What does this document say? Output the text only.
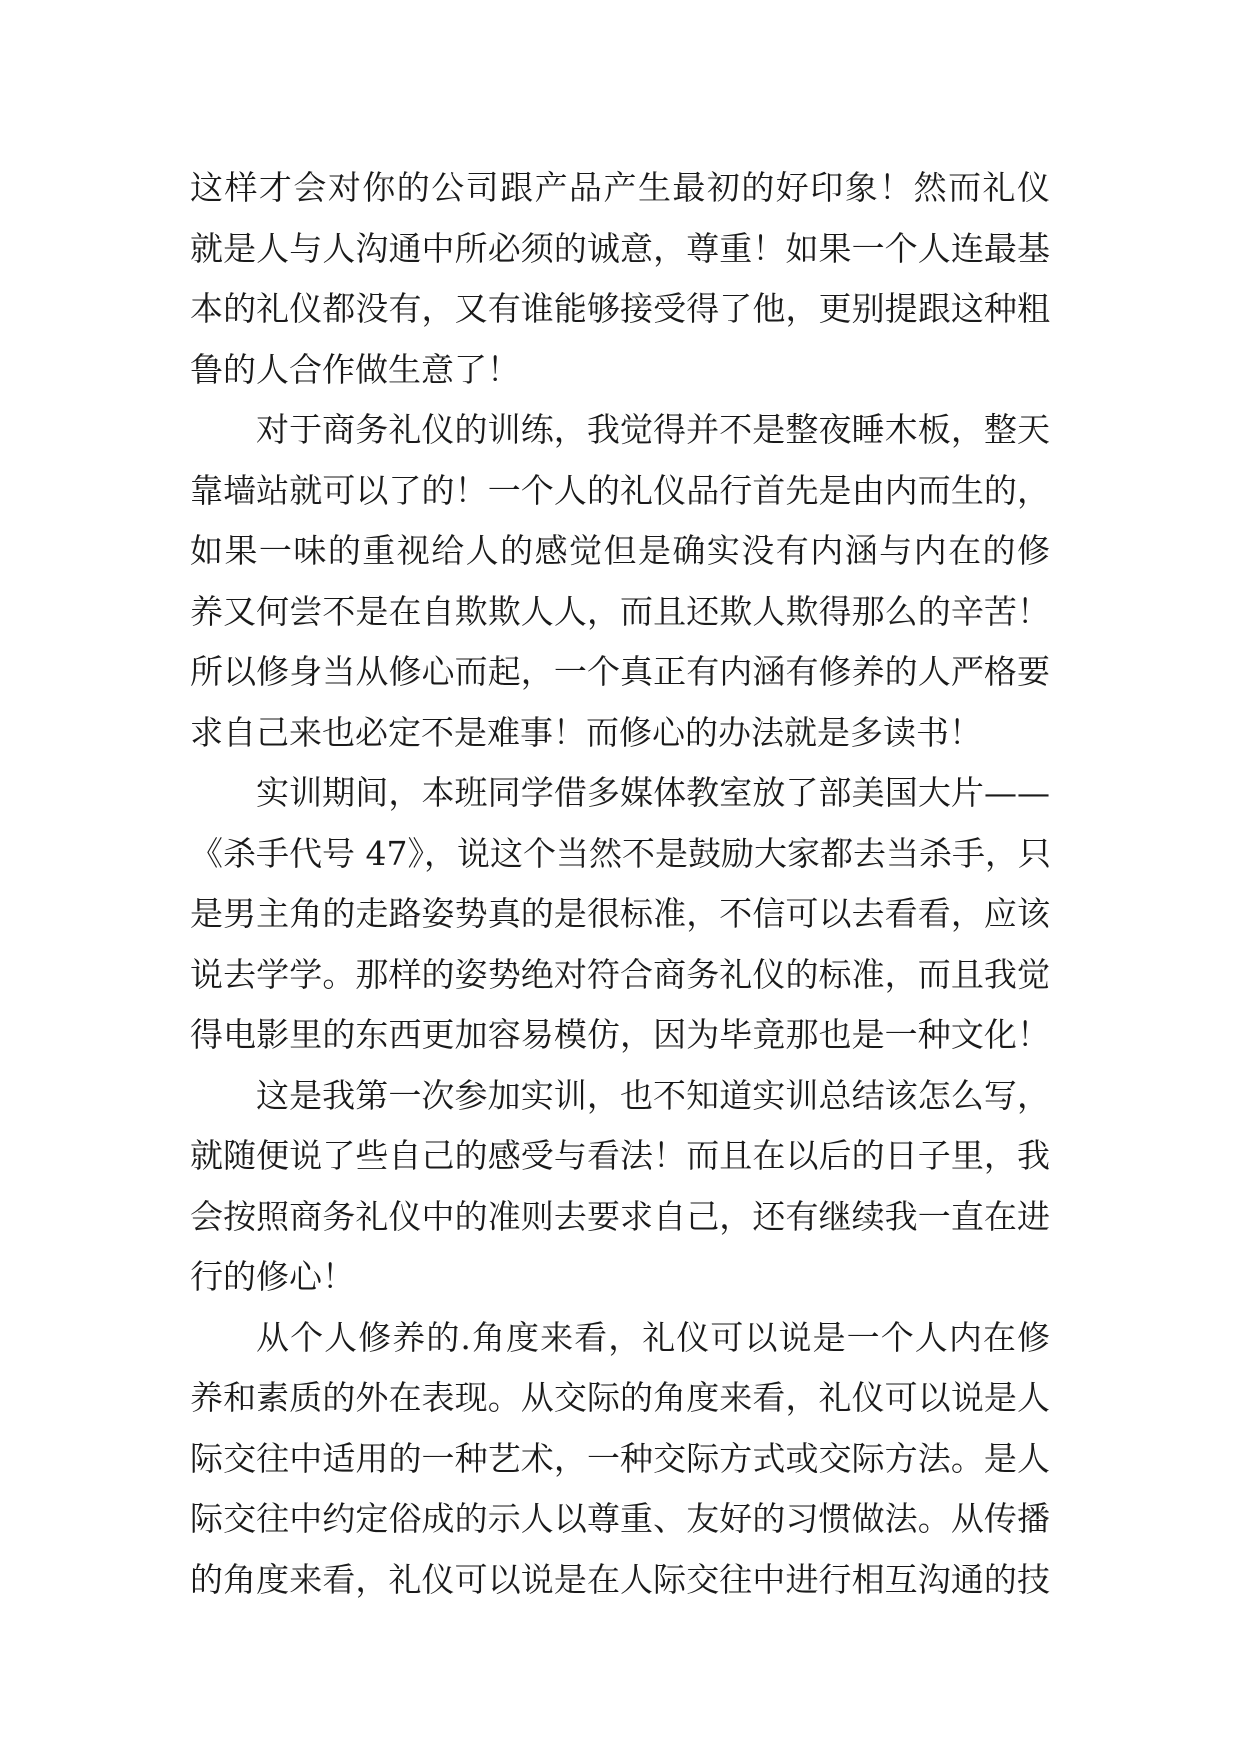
这样才会对你的公司跟产品产生最初的好印象！然而礼仪
就是人与人沟通中所必须的诚意，尊重！如果一个人连最基
本的礼仪都没有，又有谁能够接受得了他，更别提跟这种粗
鲁的人合作做生意了！
对于商务礼仪的训练，我觉得并不是整夜睡木板，整天
靠墙站就可以了的！一个人的礼仪品行首先是由内而生的，
如果一味的重视给人的感觉但是确实没有内涵与内在的修
养又何尝不是在自欺欺人人，而且还欺人欺得那么的辛苦！
所以修身当从修心而起，一个真正有内涵有修养的人严格要
求自己来也必定不是难事！而修心的办法就是多读书！
实训期间，本班同学借多媒体教室放了部美国大片——
《杀手代号 47》，说这个当然不是鼓励大家都去当杀手，只
是男主角的走路姿势真的是很标准，不信可以去看看，应该
说去学学。那样的姿势绝对符合商务礼仪的标准，而且我觉
得电影里的东西更加容易模仿，因为毕竟那也是一种文化！
这是我第一次参加实训，也不知道实训总结该怎么写，
就随便说了些自己的感受与看法！而且在以后的日子里，我
会按照商务礼仪中的准则去要求自己，还有继续我一直在进
行的修心！
从个人修养的.角度来看，礼仪可以说是一个人内在修
养和素质的外在表现。从交际的角度来看，礼仪可以说是人
际交往中适用的一种艺术，一种交际方式或交际方法。是人
际交往中约定俗成的示人以尊重、友好的习惯做法。从传播
的角度来看，礼仪可以说是在人际交往中进行相互沟通的技
